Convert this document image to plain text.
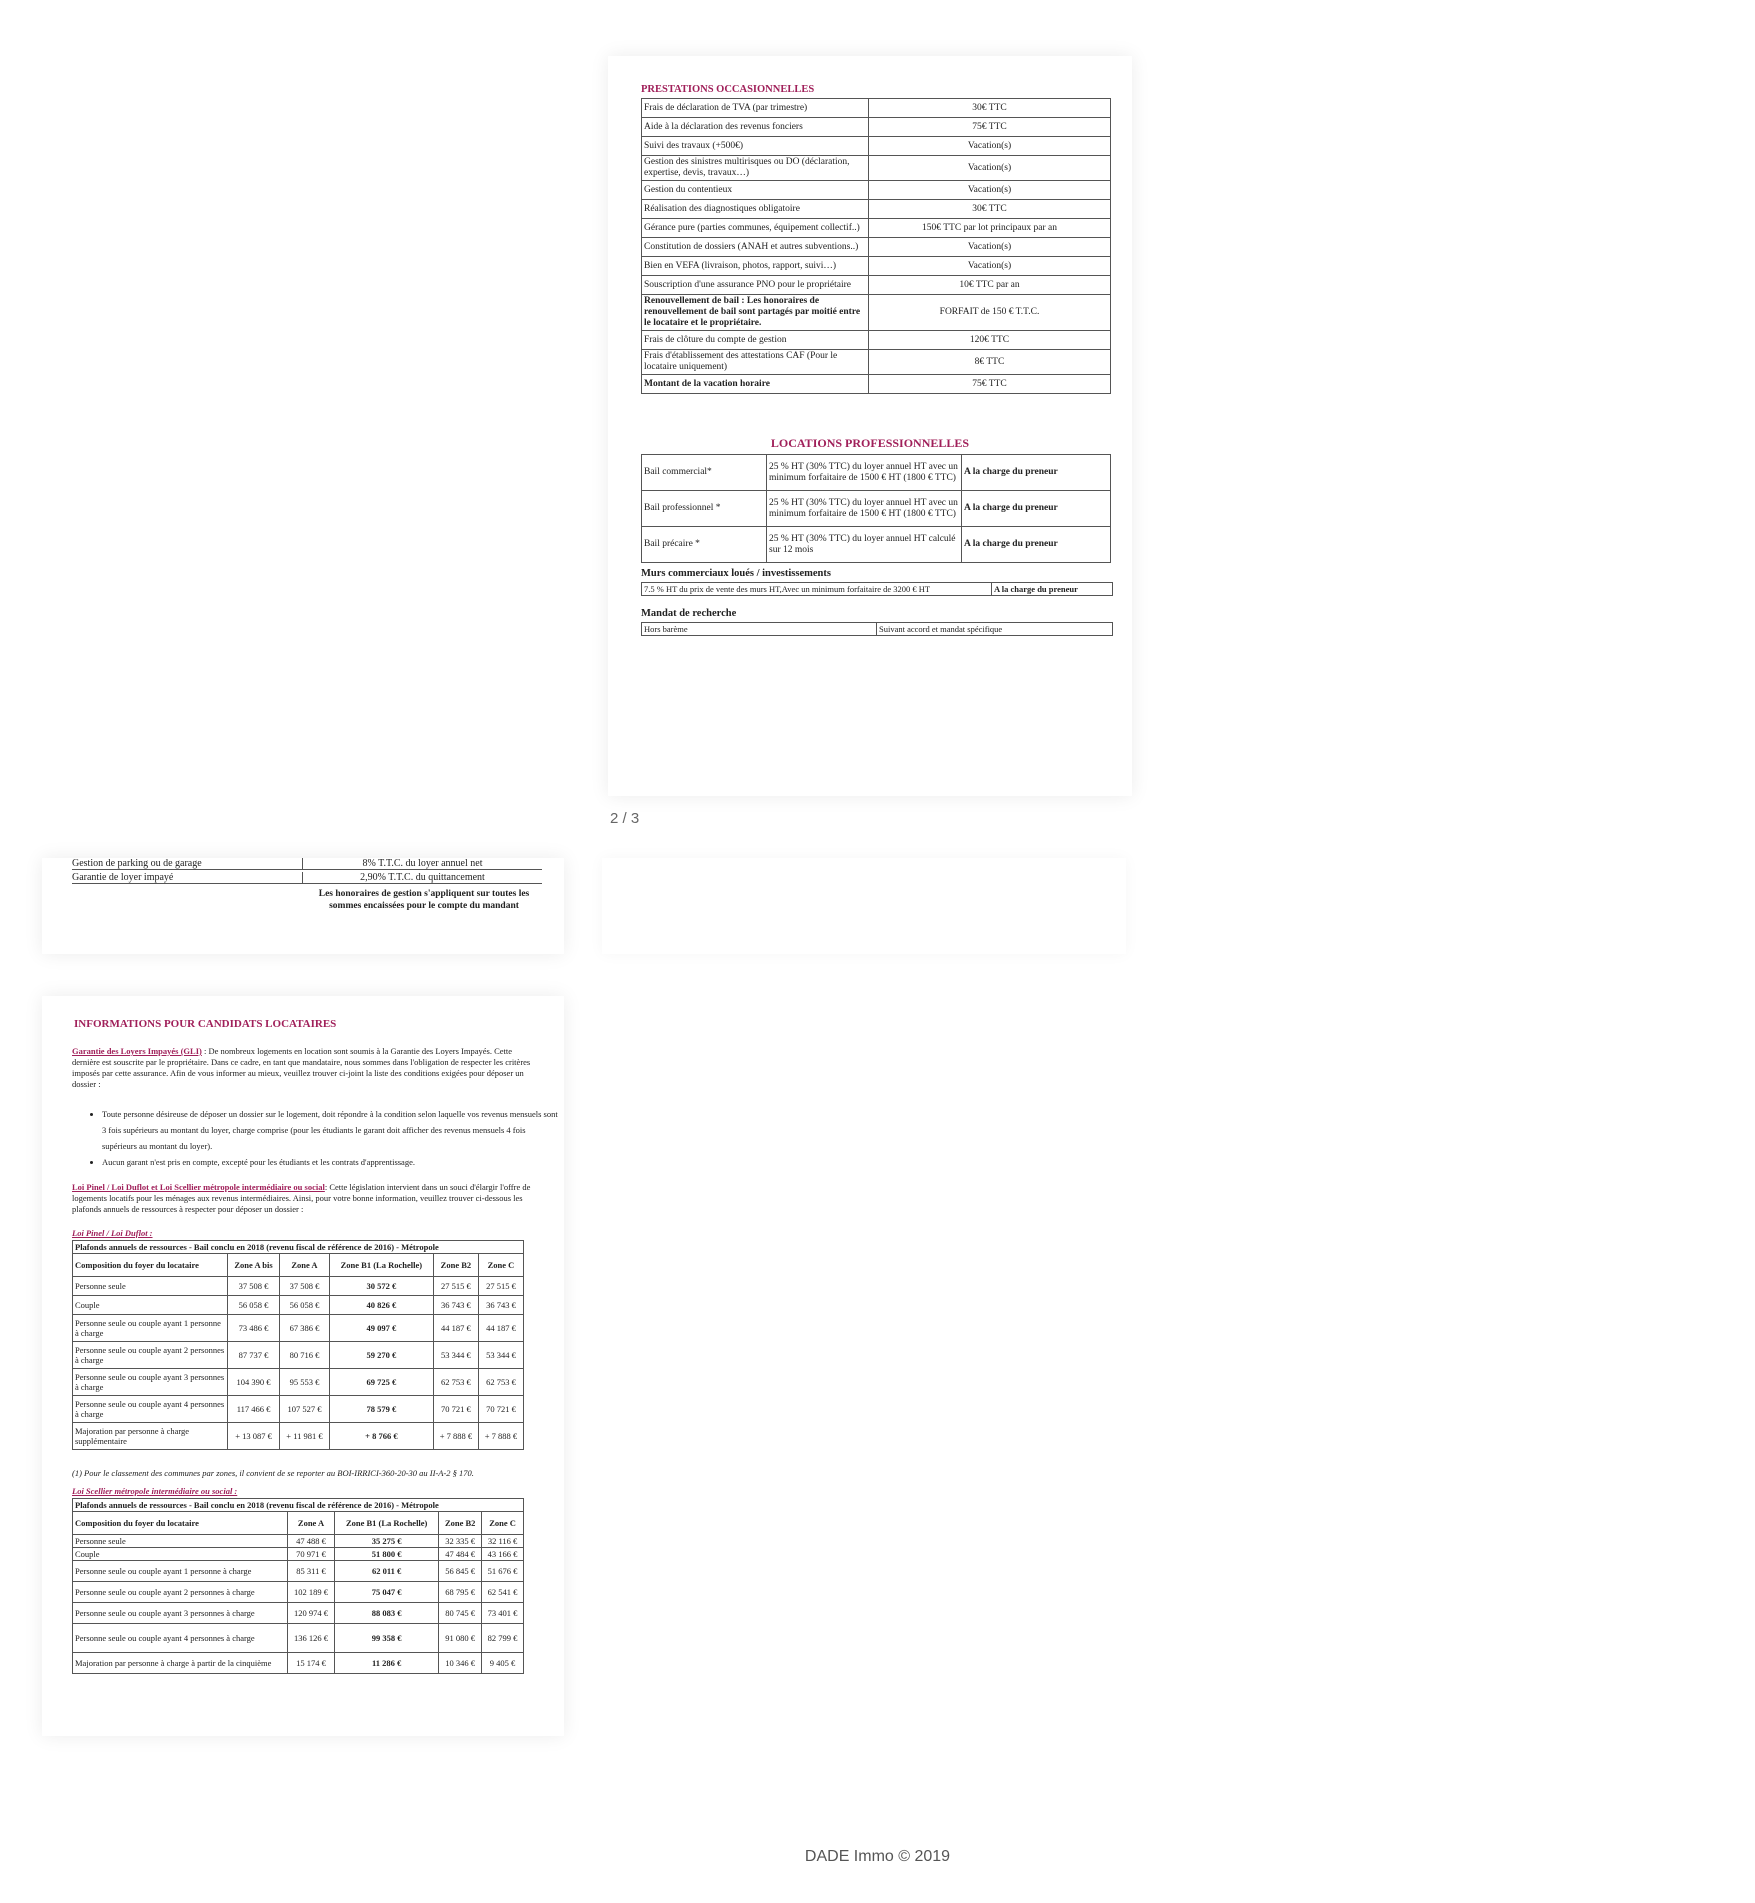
PRESTATIONS OCCASIONNELLES
Frais de déclaration de TVA (par trimestre)	30€ TTC
Aide à la déclaration des revenus fonciers	75€ TTC
Suivi des travaux (+500€)	Vacation(s)
Gestion des sinistres multirisques ou DO (déclaration, expertise, devis, travaux…)	Vacation(s)
Gestion du contentieux	Vacation(s)
Réalisation des diagnostiques obligatoire	30€ TTC
Gérance pure (parties communes, équipement collectif..)	150€ TTC par lot principaux par an
Constitution de dossiers (ANAH et autres subventions..)	Vacation(s)
Bien en VEFA (livraison, photos, rapport, suivi…)	Vacation(s)
Souscription d'une assurance PNO pour le propriétaire	10€ TTC par an
Renouvellement de bail : Les honoraires de renouvellement de bail sont partagés par moitié entre le locataire et le propriétaire.	FORFAIT de 150 € T.T.C.
Frais de clôture du compte de gestion	120€ TTC
Frais d'établissement des attestations CAF (Pour le locataire uniquement)	8€ TTC
Montant de la vacation horaire	75€ TTC
LOCATIONS PROFESSIONNELLES
Bail commercial*	25 % HT (30% TTC) du loyer annuel HT avec un minimum forfaitaire de 1500 € HT (1800 € TTC)	A la charge du preneur
Bail professionnel *	25 % HT (30% TTC) du loyer annuel HT avec un minimum forfaitaire de 1500 € HT (1800 € TTC)	A la charge du preneur
Bail précaire *	25 % HT (30% TTC) du loyer annuel HT calculé sur 12 mois	A la charge du preneur
Murs commerciaux loués / investissements
7.5 % HT du prix de vente des murs HT,Avec un minimum forfaitaire de 3200 € HT	A la charge du preneur
Mandat de recherche
Hors barème	Suivant accord et mandat spécifique
2 / 3
Gestion de parking ou de garage	8% T.T.C. du loyer annuel net
Garantie de loyer impayé	2,90% T.T.C. du quittancement
Les honoraires de gestion s'appliquent sur toutes les sommes encaissées pour le compte du mandant
INFORMATIONS POUR CANDIDATS LOCATAIRES
Garantie des Loyers Impayés (GLI) : De nombreux logements en location sont soumis à la Garantie des Loyers Impayés. Cette dernière est souscrite par le propriétaire. Dans ce cadre, en tant que mandataire, nous sommes dans l'obligation de respecter les critères imposés par cette assurance. Afin de vous informer au mieux, veuillez trouver ci-joint la liste des conditions exigées pour déposer un dossier :
• Toute personne désireuse de déposer un dossier sur le logement, doit répondre à la condition selon laquelle vos revenus mensuels sont 3 fois supérieurs au montant du loyer, charge comprise (pour les étudiants le garant doit afficher des revenus mensuels 4 fois supérieurs au montant du loyer).
• Aucun garant n'est pris en compte, excepté pour les étudiants et les contrats d'apprentissage.
Loi Pinel / Loi Duflot et Loi Scellier métropole intermédiaire ou social: Cette législation intervient dans un souci d'élargir l'offre de logements locatifs pour les ménages aux revenus intermédiaires. Ainsi, pour votre bonne information, veuillez trouver ci-dessous les plafonds annuels de ressources à respecter pour déposer un dossier :
Loi Pinel / Loi Duflot :
Plafonds annuels de ressources - Bail conclu en 2018 (revenu fiscal de référence de 2016) - Métropole					
Composition du foyer du locataire	Zone A bis	Zone A	Zone B1 (La Rochelle)	Zone B2	Zone C
Personne seule	37 508 €	37 508 €	30 572 €	27 515 €	27 515 €
Couple	56 058 €	56 058 €	40 826 €	36 743 €	36 743 €
Personne seule ou couple ayant 1 personne à charge	73 486 €	67 386 €	49 097 €	44 187 €	44 187 €
Personne seule ou couple ayant 2 personnes à charge	87 737 €	80 716 €	59 270 €	53 344 €	53 344 €
Personne seule ou couple ayant 3 personnes à charge	104 390 €	95 553 €	69 725 €	62 753 €	62 753 €
Personne seule ou couple ayant 4 personnes à charge	117 466 €	107 527 €	78 579 €	70 721 €	70 721 €
Majoration par personne à charge supplémentaire	+ 13 087 €	+ 11 981 €	+ 8 766 €	+ 7 888 €	+ 7 888 €
(1) Pour le classement des communes par zones, il convient de se reporter au BOI-IRRICI-360-20-30 au II-A-2 § 170.
Loi Scellier métropole intermédiaire ou social :
Plafonds annuels de ressources - Bail conclu en 2018 (revenu fiscal de référence de 2016) - Métropole				
Composition du foyer du locataire	Zone A	Zone B1 (La Rochelle)	Zone B2	Zone C
Personne seule	47 488 €	35 275 €	32 335 €	32 116 €
Couple	70 971 €	51 800 €	47 484 €	43 166 €
Personne seule ou couple ayant 1 personne à charge	85 311 €	62 011 €	56 845 €	51 676 €
Personne seule ou couple ayant 2 personnes à charge	102 189 €	75 047 €	68 795 €	62 541 €
Personne seule ou couple ayant 3 personnes à charge	120 974 €	88 083 €	80 745 €	73 401 €
Personne seule ou couple ayant 4 personnes à charge	136 126 €	99 358 €	91 080 €	82 799 €
Majoration par personne à charge à partir de la cinquième	15 174 €	11 286 €	10 346 €	9 405 €
DADE Immo © 2019
